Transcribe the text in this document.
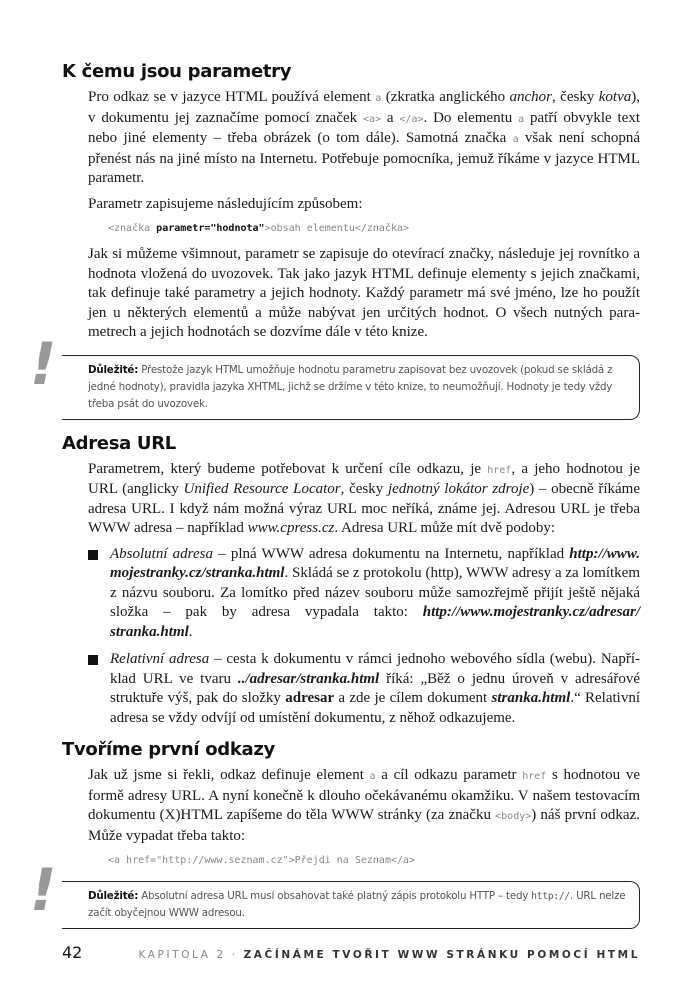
K čemu jsou parametry

Pro odkaz se v jazyce HTML používá element a (zkratka anglického anchor, česky kotva), v dokumentu jej zaznačíme pomocí značek <a> a </a>. Do elementu a patří obvykle text nebo jiné elementy – třeba obrázek (o tom dále). Samotná značka a však není schopná přenést nás na jiné místo na Internetu. Potřebuje pomocníka, jemuž říkáme v jazyce HTML parametr.

Parametr zapisujeme následujícím způsobem:

<značka parametr="hodnota">obsah elementu</značka>

Jak si můžeme všimnout, parametr se zapisuje do otevírací značky, následuje jej rovnítko a hodnota vložená do uvozovek. Tak jako jazyk HTML definuje elementy s jejich značkami, tak definuje také parametry a jejich hodnoty. Každý parametr má své jméno, lze ho použít jen u některých elementů a může nabývat jen určitých hodnot. O všech nutných parametrech a jejich hodnotách se dozvíme dále v této knize.

!	Důležité: Přestože jazyk HTML umožňuje hodnotu parametru zapisovat bez uvozovek (pokud se skládá z jedné hodnoty), pravidla jazyka XHTML, jichž se držíme v této knize, to neumožňují. Hodnoty je tedy vždy třeba psát do uvozovek.
Adresa URL

Parametrem, který budeme potřebovat k určení cíle odkazu, je href, a jeho hodnotou je URL (anglicky Unified Resource Locator, česky jednotný lokátor zdroje) – obecně říkáme adresa URL. I když nám možná výraz URL moc neříká, známe jej. Adresou URL je třeba WWW adresa – například www.cpress.cz. Adresa URL může mít dvě podoby:

Absolutní adresa – plná WWW adresa dokumentu na Internetu, například http://www.​mojestranky.cz/stranka.html. Skládá se z protokolu (http), WWW adresy a za lomítkem z názvu souboru. Za lomítko před název souboru může samozřejmě přijít ještě nějaká složka – pak by adresa vypadala takto: http://www.mojestranky.cz/adresar/​stranka.html.
Relativní adresa – cesta k dokumentu v rámci jednoho webového sídla (webu). Například URL ve tvaru ../adresar/stranka.html říká: „Běž o jednu úroveň v adresářové struktuře výš, pak do složky adresar a zde je cílem dokument stranka.html.“ Relativní adresa se vždy odvíjí od umístění dokumentu, z něhož odkazujeme.
Tvoříme první odkazy

Jak už jsme si řekli, odkaz definuje element a a cíl odkazu parametr href s hodnotou ve formě adresy URL. A nyní konečně k dlouho očekávanému okamžiku. V našem testovacím dokumentu (X)HTML zapíšeme do těla WWW stránky (za značku <body>) náš první odkaz. Může vypadat třeba takto:

<a href="http://www.seznam.cz">Přejdi na Seznam</a>
!	Důležité: Absolutní adresa URL musí obsahovat také platný zápis protokolu HTTP – tedy http://. URL nelze začít obyčejnou WWW adresou.
42	KAPITOLA 2 · ZAČÍNÁME TVOŘIT WWW STRÁNKU POMOCÍ HTML
